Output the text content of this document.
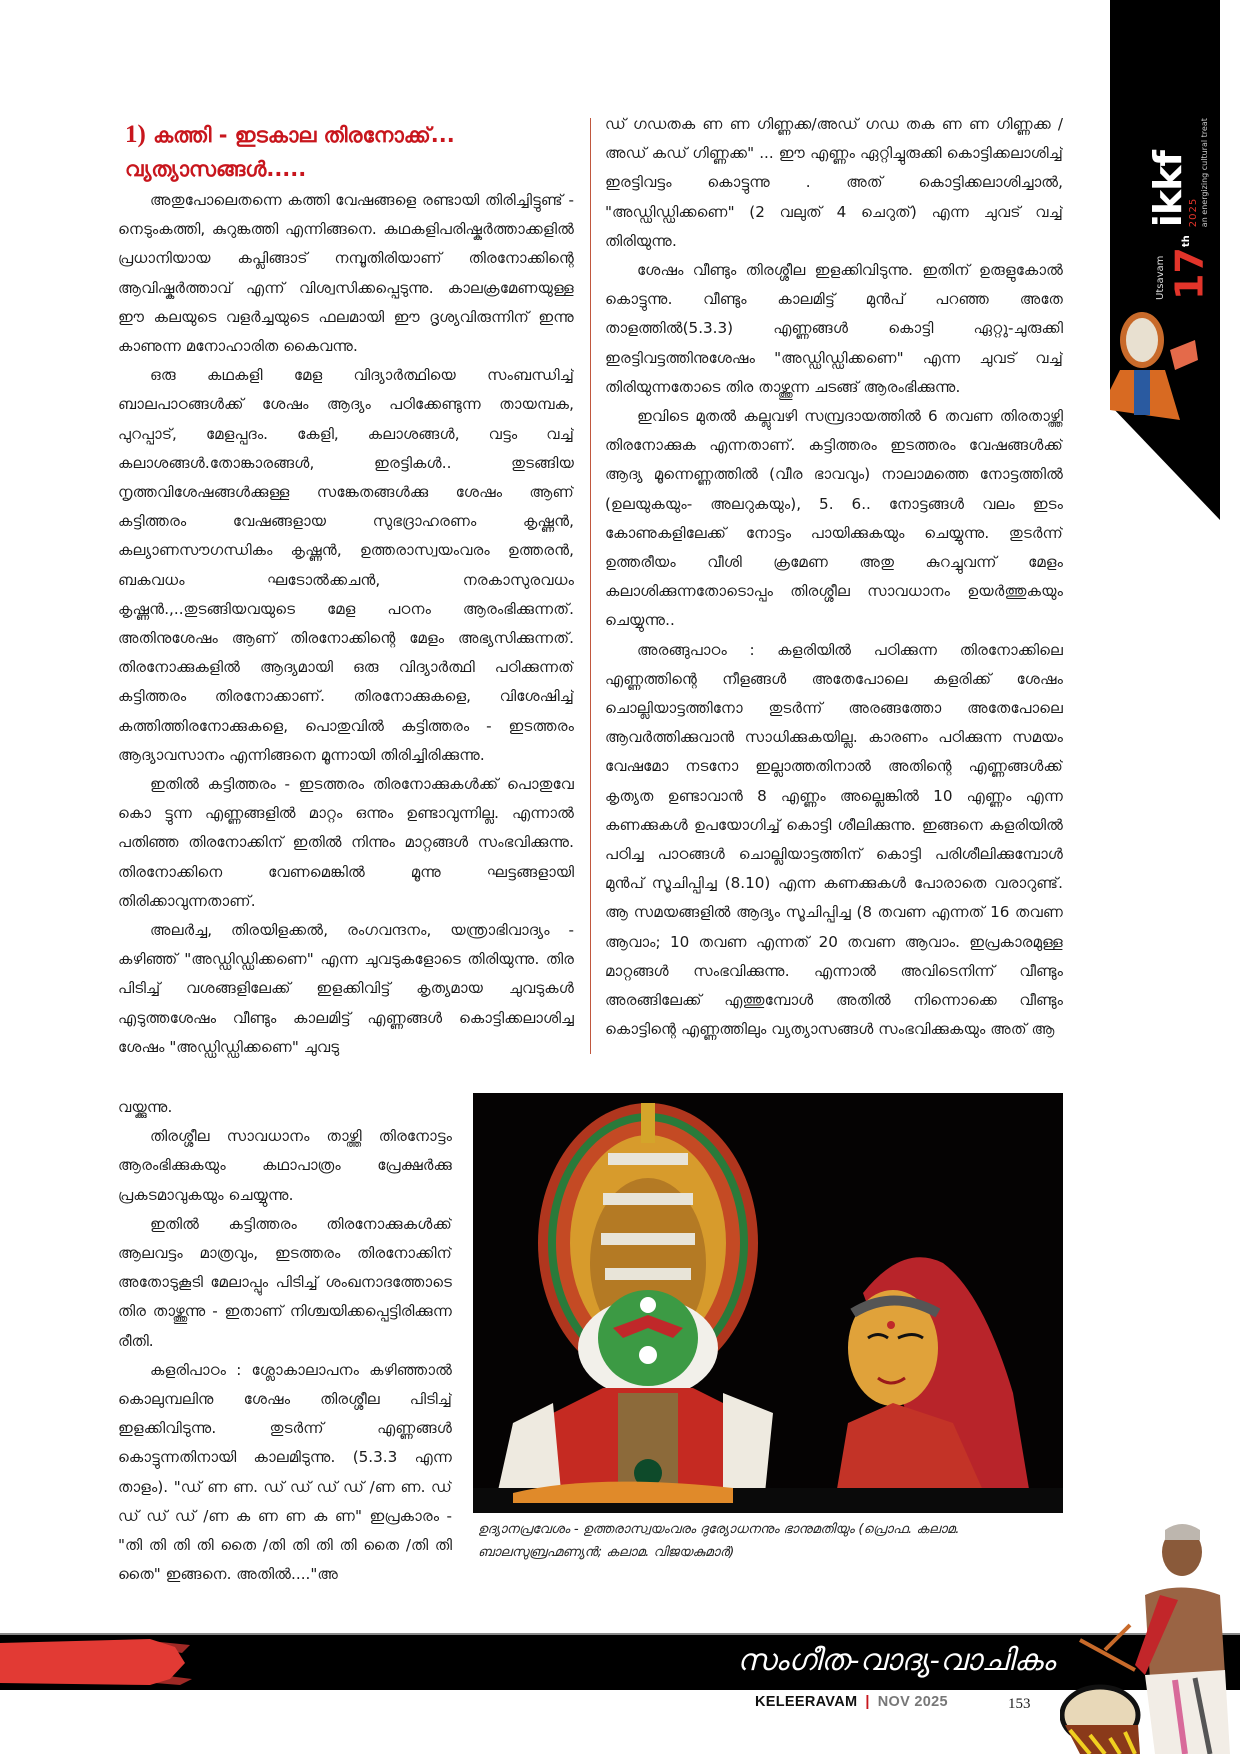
1) കത്തി - ഇടകാല തിരനോക്ക്...
വ്യത്യാസങ്ങൾ.....

അതുപോലെതന്നെ കത്തി വേഷങ്ങളെ രണ്ടായി തിരിച്ചിട്ടുണ്ട് - നെടുംകത്തി, കുറുങ്കത്തി എന്നിങ്ങനെ. കഥകളിപരിഷ്കർത്താക്കളിൽ പ്രധാനിയായ കപ്ലിങ്ങാട് നമ്പൂതിരിയാണ് തിരനോക്കിന്റെ ആവിഷ്കർത്താവ് എന്ന് വിശ്വസിക്കപ്പെടുന്നു. കാലക്രമേണയുള്ള ഈ കലയുടെ വളർച്ചയുടെ ഫലമായി ഈ ദൃശ്യവിരുന്നിന് ഇന്നു കാണുന്ന മനോഹാരിത കൈവന്നു.

ഒരു കഥകളി മേള വിദ്യാർത്ഥിയെ സംബന്ധിച്ച് ബാലപാഠങ്ങൾക്ക് ശേഷം ആദ്യം പഠിക്കേണ്ടുന്ന തായമ്പക, പുറപ്പാട്, മേളപ്പദം. കേളി, കലാശങ്ങൾ, വട്ടം വച്ച് കലാശങ്ങൾ.തോങ്കാരങ്ങൾ, ഇരട്ടികൾ.. തുടങ്ങിയ നൃത്തവിശേഷങ്ങൾക്കുള്ള സങ്കേതങ്ങൾക്കു ശേഷം ആണ് കട്ടിത്തരം വേഷങ്ങളായ സുഭദ്രാഹരണം കൃഷ്ണൻ, കല്യാണസൗഗന്ധികം കൃഷ്ണൻ, ഉത്തരാസ്വയംവരം ഉത്തരൻ, ബകവധം ഘടോൽക്കചൻ, നരകാസുരവധം കൃഷ്ണൻ.,..തുടങ്ങിയവയുടെ മേള പഠനം ആരംഭിക്കുന്നത്. അതിനുശേഷം ആണ് തിരനോക്കിന്റെ മേളം അഭ്യസിക്കുന്നത്. തിരനോക്കുകളിൽ ആദ്യമായി ഒരു വിദ്യാർത്ഥി പഠിക്കുന്നത് കട്ടിത്തരം തിരനോക്കാണ്. തിരനോക്കുകളെ, വിശേഷിച്ച് കത്തിത്തിരനോക്കുകളെ, പൊതുവിൽ കട്ടിത്തരം - ഇടത്തരം ആദ്യാവസാനം എന്നിങ്ങനെ മൂന്നായി തിരിച്ചിരിക്കുന്നു.

ഇതിൽ കട്ടിത്തരം - ഇടത്തരം തിരനോക്കുകൾക്ക് പൊതുവേ കൊ ട്ടുന്ന എണ്ണങ്ങളിൽ മാറ്റം ഒന്നും ഉണ്ടാവുന്നില്ല. എന്നാൽ പതിഞ്ഞ തിരനോക്കിന് ഇതിൽ നിന്നും മാറ്റങ്ങൾ സംഭവിക്കുന്നു. തിരനോക്കിനെ വേണമെങ്കിൽ മൂന്നു ഘട്ടങ്ങളായി തിരിക്കാവുന്നതാണ്.

അലർച്ച, തിരയിളക്കൽ, രംഗവന്ദനം, യന്ത്രാഭിവാദ്യം - കഴിഞ്ഞ് "അഡ്ഡിഡ്ഡിക്കണെ" എന്ന ചുവടുകളോടെ തിരിയുന്നു. തിര പിടിച്ച് വശങ്ങളിലേക്ക് ഇളക്കിവിട്ട് കൃത്യമായ ചുവടുകൾ എടുത്തശേഷം വീണ്ടും കാലമിട്ട് എണ്ണങ്ങൾ കൊട്ടിക്കലാശിച്ച ശേഷം "അഡ്ഡിഡ്ഡിക്കണെ" ചുവടു

വയ്ക്കുന്നു.

തിരശ്ശീല സാവധാനം താഴ്ത്തി തിരനോട്ടം ആരംഭിക്കുകയും കഥാപാത്രം പ്രേക്ഷർക്കു പ്രകടമാവുകയും ചെയ്യുന്നു.

ഇതിൽ കട്ടിത്തരം തിരനോക്കുകൾക്ക് ആലവട്ടം മാത്രവും, ഇടത്തരം തിരനോക്കിന് അതോടുകൂടി മേലാപ്പും പിടിച്ച് ശംഖനാദത്തോടെ തിര താഴ്ത്തുന്നു - ഇതാണ് നിശ്ചയിക്കപ്പെട്ടിരിക്കുന്ന രീതി.

കളരിപാഠം : ശ്ലോകാലാപനം കഴിഞ്ഞാൽ കൊലുമ്പലിനു ശേഷം തിരശ്ശീല പിടിച്ച് ഇളക്കിവിടുന്നു. തുടർന്ന് എണ്ണങ്ങൾ കൊട്ടുന്നതിനായി കാലമിടുന്നു. (5.3.3 എന്ന താളം). "ഡ് ണ ണ. ഡ് ഡ് ഡ് ഡ് /ണ ണ. ഡ് ഡ് ഡ് ഡ് /ണ ക ണ ണ ക ണ" ഇപ്രകാരം - "തി തി തി തി തൈ /തി തി തി തി തൈ /തി തി തൈ" ഇങ്ങനെ. അതിൽ...."അ

ഡ് ഗഡതക ണ ണ ഗിണ്ണക്ക/അഡ് ഗഡ തക ണ ണ ഗിണ്ണക്ക / അഡ് കഡ് ഗിണ്ണക്ക" ... ഈ എണ്ണം ഏറ്റിച്ചുരുക്കി കൊട്ടിക്കലാശിച്ച് ഇരട്ടിവട്ടം കൊട്ടുന്നു . അത് കൊട്ടിക്കലാശിച്ചാൽ, "അഡ്ഡിഡ്ഡിക്കണെ" (2 വലുത് 4 ചെറുത്) എന്ന ചുവട് വച്ച് തിരിയുന്നു.

ശേഷം വീണ്ടും തിരശ്ശീല ഇളക്കിവിടുന്നു. ഇതിന് ഉരുളുകോൽ കൊട്ടുന്നു. വീണ്ടും കാലമിട്ട് മുൻപ് പറഞ്ഞ അതേ താളത്തിൽ(5.3.3) എണ്ണങ്ങൾ കൊട്ടി ഏറ്റു-ചുരുക്കി ഇരട്ടിവട്ടത്തിനുശേഷം "അഡ്ഡിഡ്ഡിക്കണെ" എന്ന ചുവട് വച്ച് തിരിയുന്നതോടെ തിര താഴ്ത്തുന്ന ചടങ്ങ് ആരംഭിക്കുന്നു.

ഇവിടെ മുതൽ കല്ലുവഴി സമ്പ്രദായത്തിൽ 6 തവണ തിരതാഴ്ത്തി തിരനോക്കുക എന്നതാണ്. കട്ടിത്തരം ഇടത്തരം വേഷങ്ങൾക്ക് ആദ്യ മൂന്നെണ്ണത്തിൽ (വീര ഭാവവും) നാലാമത്തെ നോട്ടത്തിൽ (ഉലയുകയും- അലറുകയും), 5. 6.. നോട്ടങ്ങൾ വലം ഇടം കോണുകളിലേക്ക് നോട്ടം പായിക്കുകയും ചെയ്യുന്നു. തുടർന്ന് ഉത്തരീയം വീശി ക്രമേണ അതു കുറച്ചുവന്ന് മേളം കലാശിക്കുന്നതോടൊപ്പം തിരശ്ശീല സാവധാനം ഉയർത്തുകയും ചെയ്യുന്നു..

അരങ്ങുപാഠം : കളരിയിൽ പഠിക്കുന്ന തിരനോക്കിലെ എണ്ണത്തിന്റെ നീളങ്ങൾ അതേപോലെ കളരിക്ക് ശേഷം ചൊല്ലിയാട്ടത്തിനോ തുടർന്ന് അരങ്ങത്തോ അതേപോലെ ആവർത്തിക്കുവാൻ സാധിക്കുകയില്ല. കാരണം പഠിക്കുന്ന സമയം വേഷമോ നടനോ ഇല്ലാത്തതിനാൽ അതിന്റെ എണ്ണങ്ങൾക്ക് കൃത്യത ഉണ്ടാവാൻ 8 എണ്ണം അല്ലെങ്കിൽ 10 എണ്ണം എന്ന കണക്കുകൾ ഉപയോഗിച്ച് കൊട്ടി ശീലിക്കുന്നു. ഇങ്ങനെ കളരിയിൽ പഠിച്ച പാഠങ്ങൾ ചൊല്ലിയാട്ടത്തിന് കൊട്ടി പരിശീലിക്കുമ്പോൾ മുൻപ് സൂചിപ്പിച്ച (8.10) എന്ന കണക്കുകൾ പോരാതെ വരാറുണ്ട്. ആ സമയങ്ങളിൽ ആദ്യം സൂചിപ്പിച്ച (8 തവണ എന്നത് 16 തവണ ആവാം; 10 തവണ എന്നത് 20 തവണ ആവാം. ഇപ്രകാരമുള്ള മാറ്റങ്ങൾ സംഭവിക്കുന്നു. എന്നാൽ അവിടെനിന്ന് വീണ്ടും അരങ്ങിലേക്ക് എത്തുമ്പോൾ അതിൽ നിന്നൊക്കെ വീണ്ടും കൊട്ടിന്റെ എണ്ണത്തിലും വ്യത്യാസങ്ങൾ സംഭവിക്കുകയും അത് ആ

ഉദ്യാനപ്രവേശം - ഉത്തരാസ്വയംവരം ദുര്യോധനനും ഭാനുമതിയും (പ്രൊഫ. കലാമ. ബാലസുബ്രഹ്മണ്യൻ; കലാമ. വിജയകുമാർ)

Utsavam 17th
ikkf
2025 an energizing cultural treat
സംഗീത-വാദ്യ-വാചികം
KELEERAVAM | NOV 2025	153
